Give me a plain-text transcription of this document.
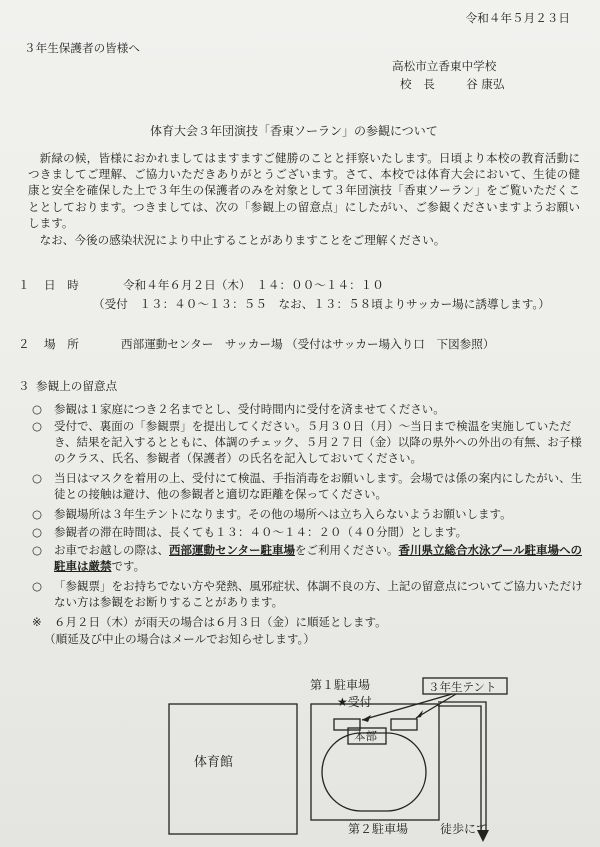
令和４年５月２３日
３年生保護者の皆様へ
高松市立香東中学校
校　長	谷 康弘
体育大会３年団演技「香東ソーラン」の参観について
新緑の候，皆様におかれましてはますますご健勝のことと拝察いたします。日頃より本校の教育活動につきましてご理解、ご協力いただきありがとうございます。さて、本校では体育大会において、生徒の健康と安全を確保した上で３年生の保護者のみを対象として３年団演技「香東ソーラン」をご覧いただくこととしております。つきましては、次の「参観上の留意点」にしたがい、ご参観くださいますようお願いします。
なお、今後の感染状況により中止することがありますことをご理解ください。
１ 日　時	令和４年６月２日（木）　１４：００～１４：１０
（受付　１３：４０～１３：５５　なお、１３：５８頃よりサッカー場に誘導します。）
２ 場　所	西部運動センター　サッカー場 （受付はサッカー場入り口　下図参照）
３ 参観上の留意点
○ 参観は１家庭につき２名までとし、受付時間内に受付を済ませてください。
○ 受付で、裏面の「参観票」を提出してください。５月３０日（月）～当日まで検温を実施していただき、結果を記入するとともに、体調のチェック、５月２７日（金）以降の県外への外出の有無、お子様のクラス、氏名、参観者（保護者）の氏名を記入しておいてください。
○ 当日はマスクを着用の上、受付にて検温、手指消毒をお願いします。会場では係の案内にしたがい、生徒との接触は避け、他の参観者と適切な距離を保ってください。
○ 参観場所は３年生テントになります。その他の場所へは立ち入らないようお願いします。
○ 参観者の滞在時間は、長くても１３：４０～１４：２０（４０分間）とします。
○ お車でお越しの際は、西部運動センター駐車場をご利用ください。香川県立総合水泳プール駐車場への駐車は厳禁です。
○ 「参観票」をお持ちでない方や発熱、風邪症状、体調不良の方、上記の留意点についてご協力いただけない方は参観をお断りすることがあります。
※ ６月２日（木）が雨天の場合は６月３日（金）に順延とします。
（順延及び中止の場合はメールでお知らせします。）
第１駐車場
★受付
３年生テント
本部
体育館
第２駐車場	徒歩にて
